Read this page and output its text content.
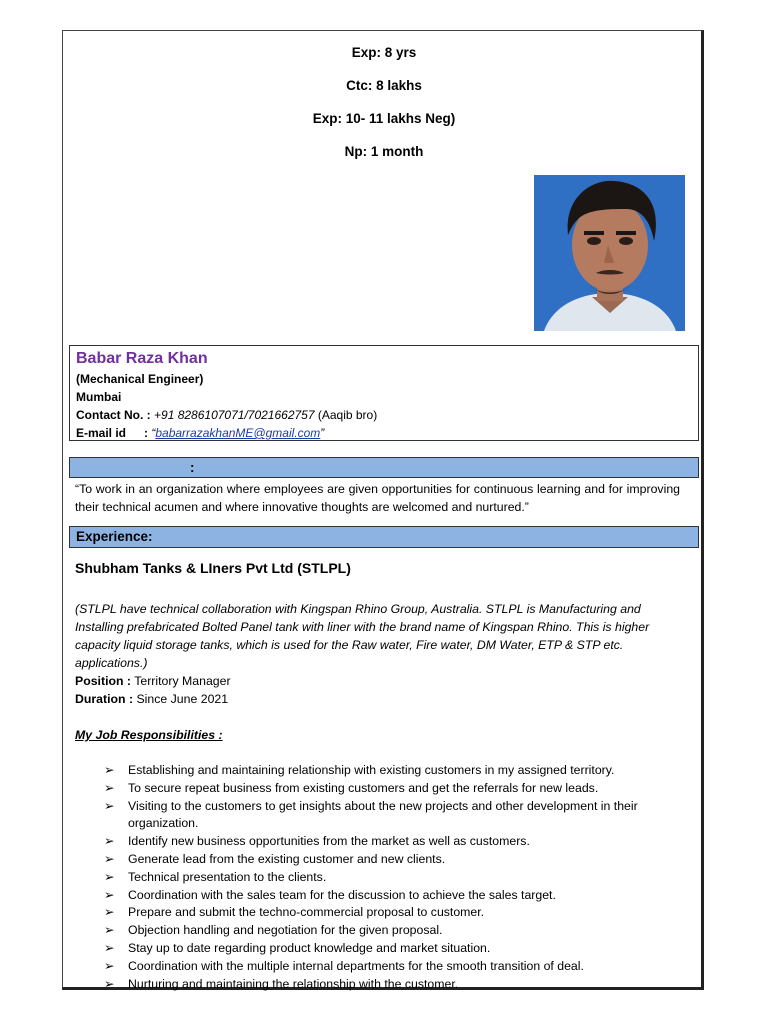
Exp: 8 yrs
Ctc: 8 lakhs
Exp: 10- 11 lakhs Neg)
Np: 1 month
Babar Raza Khan
(Mechanical Engineer)
Mumbai
Contact No. : +91 8286107071/7021662757 (Aaqib bro)
E-mail id : “babarrazakhanME@gmail.com”
:
“To work in an organization where employees are given opportunities for continuous learning and for improving their technical acumen and where innovative thoughts are welcomed and nurtured.”
Experience:
Shubham Tanks & LIners Pvt Ltd (STLPL)
(STLPL have technical collaboration with Kingspan Rhino Group, Australia. STLPL is Manufacturing and Installing prefabricated Bolted Panel tank with liner with the brand name of Kingspan Rhino. This is higher capacity liquid storage tanks, which is used for the Raw water, Fire water, DM Water, ETP & STP etc. applications.)
Position : Territory Manager
Duration : Since June 2021
My Job Responsibilities :
➢ Establishing and maintaining relationship with existing customers in my assigned territory.
➢ To secure repeat business from existing customers and get the referrals for new leads.
➢ Visiting to the customers to get insights about the new projects and other development in their organization.
➢ Identify new business opportunities from the market as well as customers.
➢ Generate lead from the existing customer and new clients.
➢ Technical presentation to the clients.
➢ Coordination with the sales team for the discussion to achieve the sales target.
➢ Prepare and submit the techno-commercial proposal to customer.
➢ Objection handling and negotiation for the given proposal.
➢ Stay up to date regarding product knowledge and market situation.
➢ Coordination with the multiple internal departments for the smooth transition of deal.
➢ Nurturing and maintaining the relationship with the customer.
